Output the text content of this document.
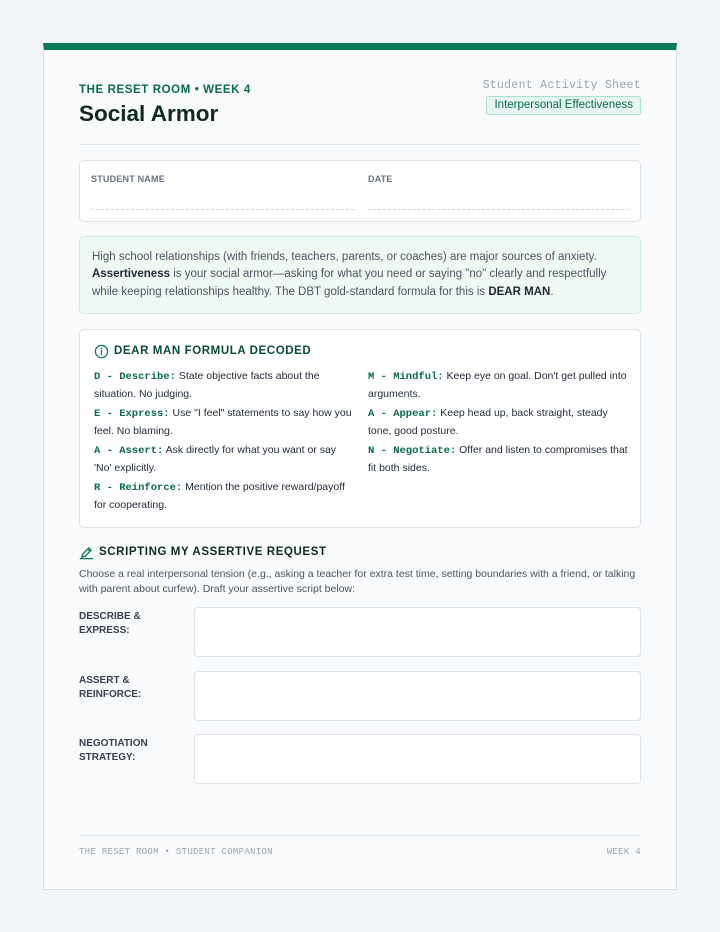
THE RESET ROOM • WEEK 4
Social Armor
Student Activity Sheet
Interpersonal Effectiveness
STUDENT NAME	DATE
High school relationships (with friends, teachers, parents, or coaches) are major sources of anxiety. Assertiveness is your social armor—asking for what you need or saying "no" clearly and respectfully while keeping relationships healthy. The DBT gold-standard formula for this is DEAR MAN.
DEAR MAN FORMULA DECODED
D - Describe: State objective facts about the situation. No judging.
E - Express: Use "I feel" statements to say how you feel. No blaming.
A - Assert: Ask directly for what you want or say 'No' explicitly.
R - Reinforce: Mention the positive reward/payoff for cooperating.
M - Mindful: Keep eye on goal. Don't get pulled into arguments.
A - Appear: Keep head up, back straight, steady tone, good posture.
N - Negotiate: Offer and listen to compromises that fit both sides.
SCRIPTING MY ASSERTIVE REQUEST
Choose a real interpersonal tension (e.g., asking a teacher for extra test time, setting boundaries with a friend, or talking with parent about curfew). Draft your assertive script below:
DESCRIBE &
EXPRESS:
ASSERT &
REINFORCE:
NEGOTIATION
STRATEGY:
THE RESET ROOM • STUDENT COMPANION	WEEK 4
